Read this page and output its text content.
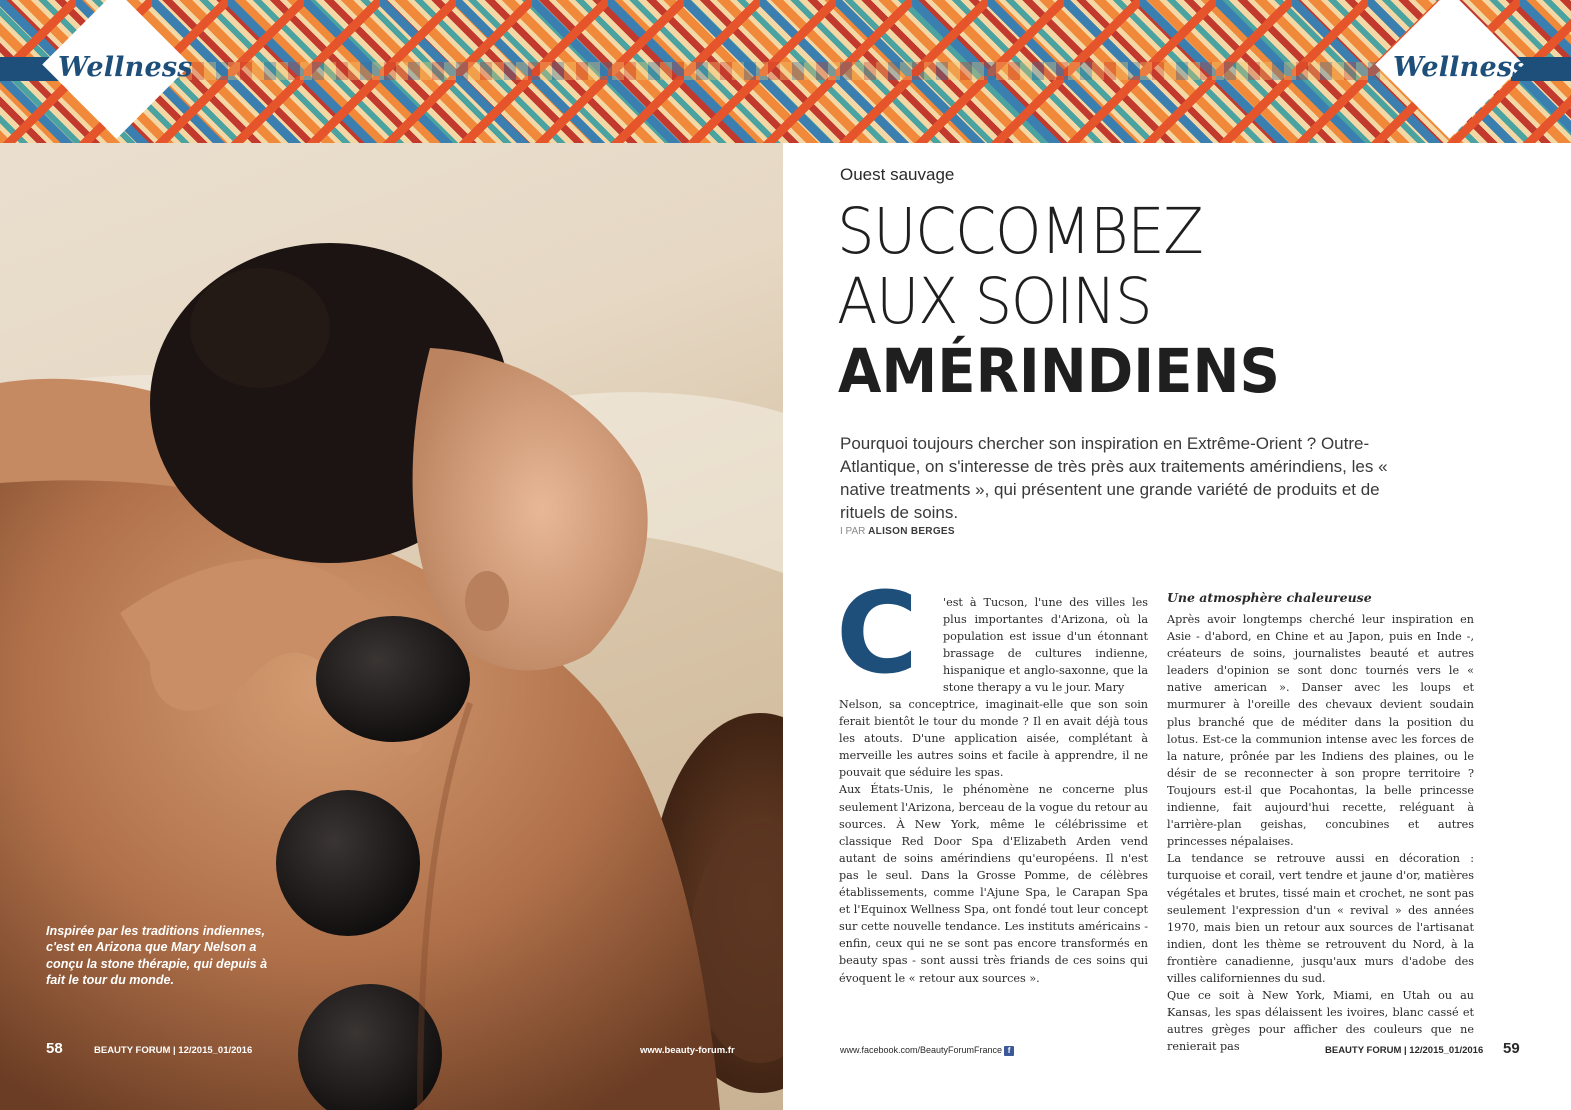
Wellness	Wellness
Inspirée par les traditions indiennes, c'est en Arizona que Mary Nelson a conçu la stone thérapie, qui depuis à fait le tour du monde.
58	BEAUTY FORUM | 12/2015_01/2016	www.beauty-forum.fr
Ouest sauvage
SUCCOMBEZ
AUX SOINS
AMÉRINDIENS
Pourquoi toujours chercher son inspiration en Extrême-Orient ? Outre-Atlantique, on s'interesse de très près aux traitements amérindiens, les « native treatments », qui présentent une grande variété de produits et de rituels de soins.
I PAR ALISON BERGES
C 'est à Tucson, l'une des villes les plus importantes d'Arizona, où la population est issue d'un étonnant brassage de cultures indienne, hispanique et anglo-saxonne, que la stone therapy a vu le jour. Mary

Nelson, sa conceptrice, imaginait-elle que son soin ferait bientôt le tour du monde ? Il en avait déjà tous les atouts. D'une application aisée, complétant à merveille les autres soins et facile à apprendre, il ne pouvait que séduire les spas.

Aux États-Unis, le phénomène ne concerne plus seulement l'Arizona, berceau de la vogue du retour au sources. À New York, même le célébrissime et classique Red Door Spa d'Elizabeth Arden vend autant de soins amérindiens qu'européens. Il n'est pas le seul. Dans la Grosse Pomme, de célèbres établissements, comme l'Ajune Spa, le Carapan Spa et l'Equinox Wellness Spa, ont fondé tout leur concept sur cette nouvelle tendance. Les instituts américains - enfin, ceux qui ne se sont pas encore transformés en beauty spas - sont aussi très friands de ces soins qui évoquent le « retour aux sources ».

Une atmosphère chaleureuse

Après avoir longtemps cherché leur inspiration en Asie - d'abord, en Chine et au Japon, puis en Inde -, créateurs de soins, journalistes beauté et autres leaders d'opinion se sont donc tournés vers le « native american ». Danser avec les loups et murmurer à l'oreille des chevaux devient soudain plus branché que de méditer dans la position du lotus. Est-ce la communion intense avec les forces de la nature, prônée par les Indiens des plaines, ou le désir de se reconnecter à son propre territoire ? Toujours est-il que Pocahontas, la belle princesse indienne, fait aujourd'hui recette, reléguant à l'arrière-plan geishas, concubines et autres princesses népalaises.

La tendance se retrouve aussi en décoration : turquoise et corail, vert tendre et jaune d'or, matières végétales et brutes, tissé main et crochet, ne sont pas seulement l'expression d'un « revival » des années 1970, mais bien un retour aux sources de l'artisanat indien, dont les thème se retrouvent du Nord, à la frontière canadienne, jusqu'aux murs d'adobe des villes californiennes du sud.

Que ce soit à New York, Miami, en Utah ou au Kansas, les spas délaissent les ivoires, blanc cassé et autres grèges pour afficher des couleurs que ne renierait pas

www.facebook.com/BeautyForumFrance f	BEAUTY FORUM | 12/2015_01/2016 59
